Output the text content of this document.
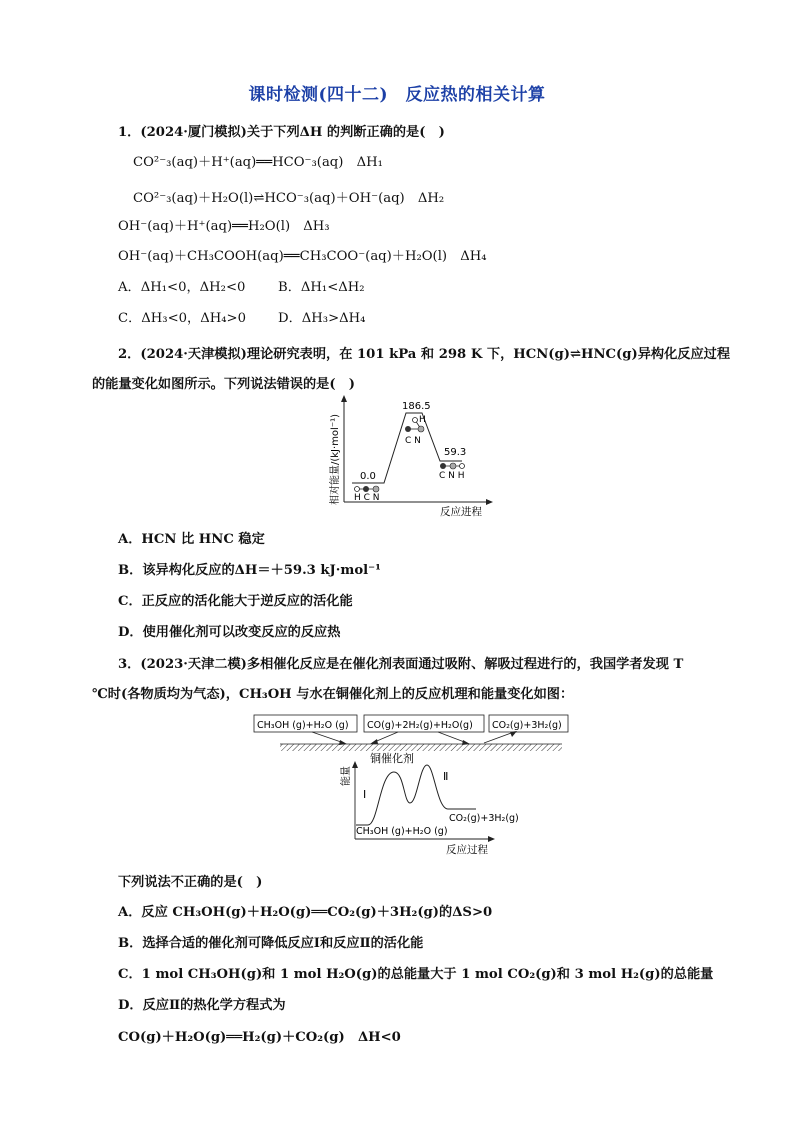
课时检测(四十二)　反应热的相关计算
1．(2024·厦门模拟)关于下列ΔH 的判断正确的是(　)
CO²⁻₃(aq)＋H⁺(aq)══HCO⁻₃(aq)　ΔH₁
CO²⁻₃(aq)＋H₂O(l)⇌HCO⁻₃(aq)＋OH⁻(aq)　ΔH₂
OH⁻(aq)＋H⁺(aq)══H₂O(l)　ΔH₃
OH⁻(aq)＋CH₃COOH(aq)══CH₃COO⁻(aq)＋H₂O(l)　ΔH₄
A．ΔH₁<0，ΔH₂<0 B．ΔH₁<ΔH₂
C．ΔH₃<0，ΔH₄>0 D．ΔH₃>ΔH₄
2．(2024·天津模拟)理论研究表明，在 101 kPa 和 298 K 下，HCN(g)⇌HNC(g)异构化反应过程
的能量变化如图所示。下列说法错误的是(　)
0.0
186.5
59.3
H C N
H
C N
C N H
反应进程
相对能量/(kJ·mol⁻¹)
A．HCN 比 HNC 稳定
B．该异构化反应的ΔH＝＋59.3 kJ·mol⁻¹
C．正反应的活化能大于逆反应的活化能
D．使用催化剂可以改变反应的反应热
3．(2023·天津二模)多相催化反应是在催化剂表面通过吸附、解吸过程进行的，我国学者发现 T
℃时(各物质均为气态)，CH₃OH 与水在铜催化剂上的反应机理和能量变化如图：
CH₃OH (g)+H₂O (g) CO(g)+2H₂(g)+H₂O(g) CO₂(g)+3H₂(g)
铜催化剂
能量
反应过程
Ⅰ
Ⅱ
CH₃OH (g)+H₂O (g)
CO₂(g)+3H₂(g)
下列说法不正确的是(　)
A．反应 CH₃OH(g)＋H₂O(g)══CO₂(g)＋3H₂(g)的ΔS>0
B．选择合适的催化剂可降低反应Ⅰ和反应Ⅱ的活化能
C．1 mol CH₃OH(g)和 1 mol H₂O(g)的总能量大于 1 mol CO₂(g)和 3 mol H₂(g)的总能量
D．反应Ⅱ的热化学方程式为
CO(g)＋H₂O(g)══H₂(g)＋CO₂(g)　ΔH<0
